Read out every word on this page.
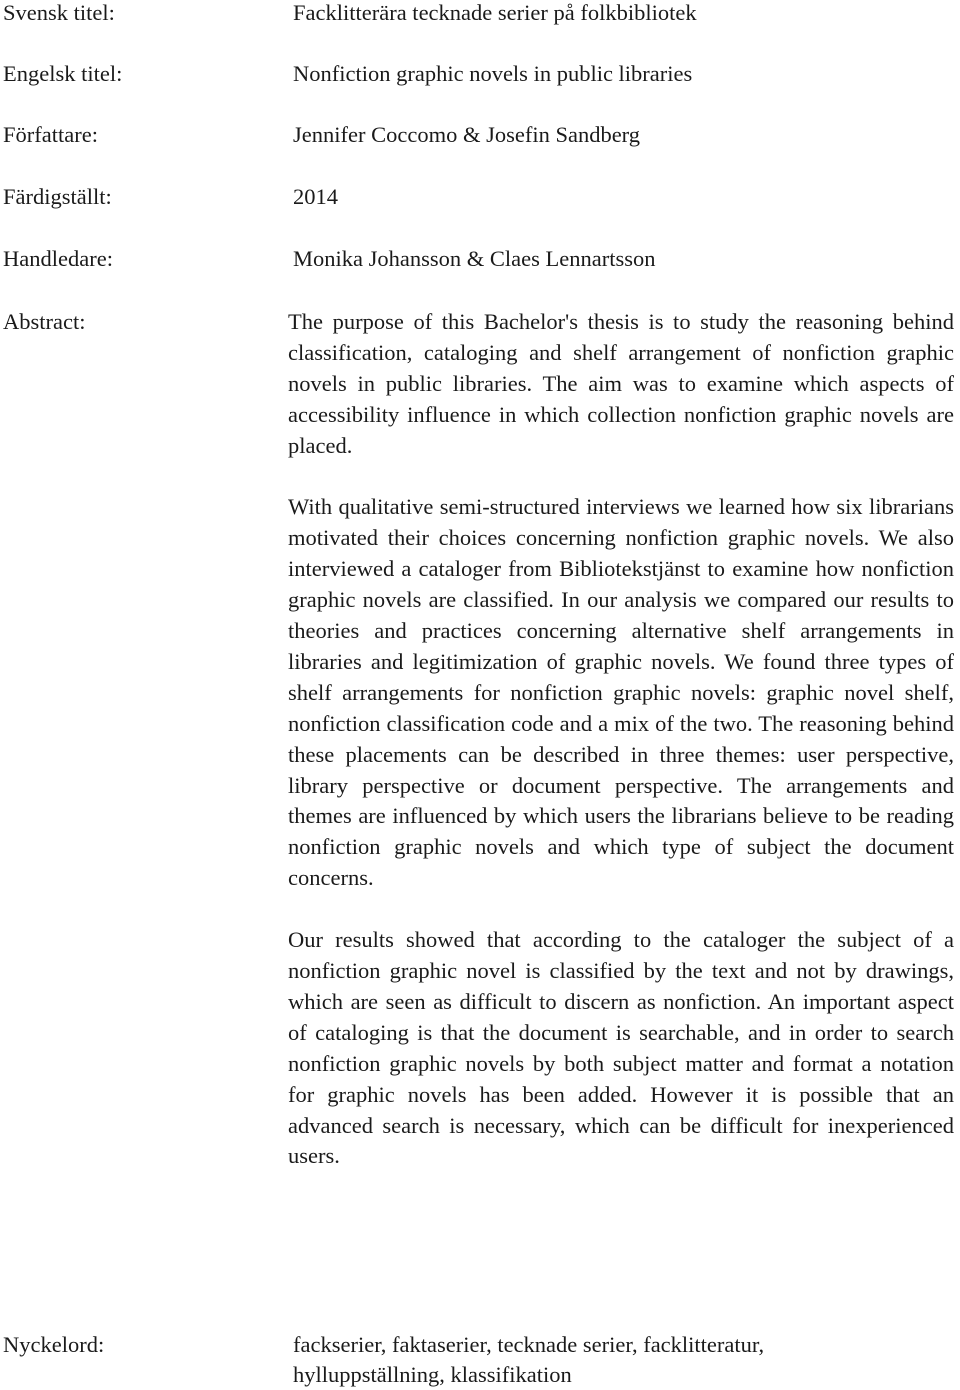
Svensk titel:	Facklitterära tecknade serier på folkbibliotek
Engelsk titel:	Nonfiction graphic novels in public libraries
Författare:	Jennifer Coccomo & Josefin Sandberg
Färdigställt:	2014
Handledare:	Monika Johansson & Claes Lennartsson
Abstract:	The purpose of this Bachelor's thesis is to study the reasoning behind classification, cataloging and shelf arrangement of nonfiction graphic novels in public libraries. The aim was to examine which aspects of accessibility influence in which collection nonfiction graphic novels are placed.

With qualitative semi-structured interviews we learned how six librarians motivated their choices concerning nonfiction graphic novels. We also interviewed a cataloger from Bibliotekstjänst to examine how nonfiction graphic novels are classified. In our analysis we compared our results to theories and practices concerning alternative shelf arrangements in libraries and legitimization of graphic novels. We found three types of shelf arrangements for nonfiction graphic novels: graphic novel shelf, nonfiction classification code and a mix of the two. The reasoning behind these placements can be described in three themes: user perspective, library perspective or document perspective. The arrangements and themes are influenced by which users the librarians believe to be reading nonfiction graphic novels and which type of subject the document concerns.

Our results showed that according to the cataloger the subject of a nonfiction graphic novel is classified by the text and not by drawings, which are seen as difficult to discern as nonfiction. An important aspect of cataloging is that the document is searchable, and in order to search nonfiction graphic novels by both subject matter and format a notation for graphic novels has been added. However it is possible that an advanced search is necessary, which can be difficult for inexperienced users.

Nyckelord:	fackserier, faktaserier, tecknade serier, facklitteratur,
hylluppställning, klassifikation
